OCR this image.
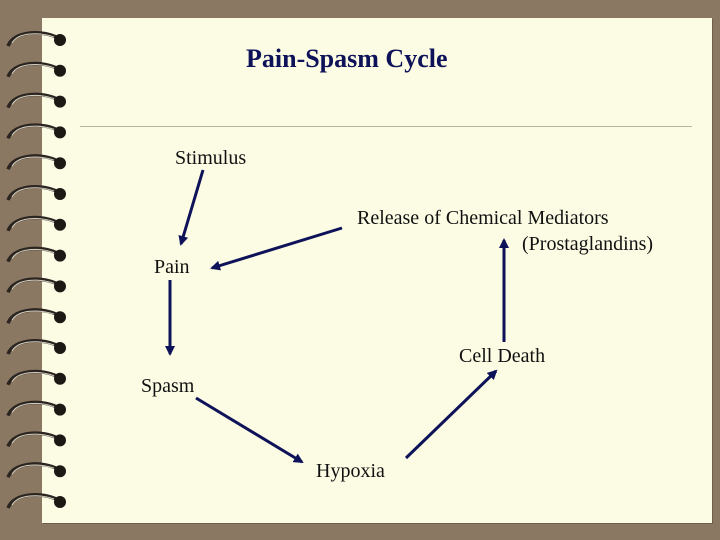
Pain-Spasm Cycle
Stimulus
Release of Chemical Mediators
(Prostaglandins)
Pain
Cell Death
Spasm
Hypoxia
